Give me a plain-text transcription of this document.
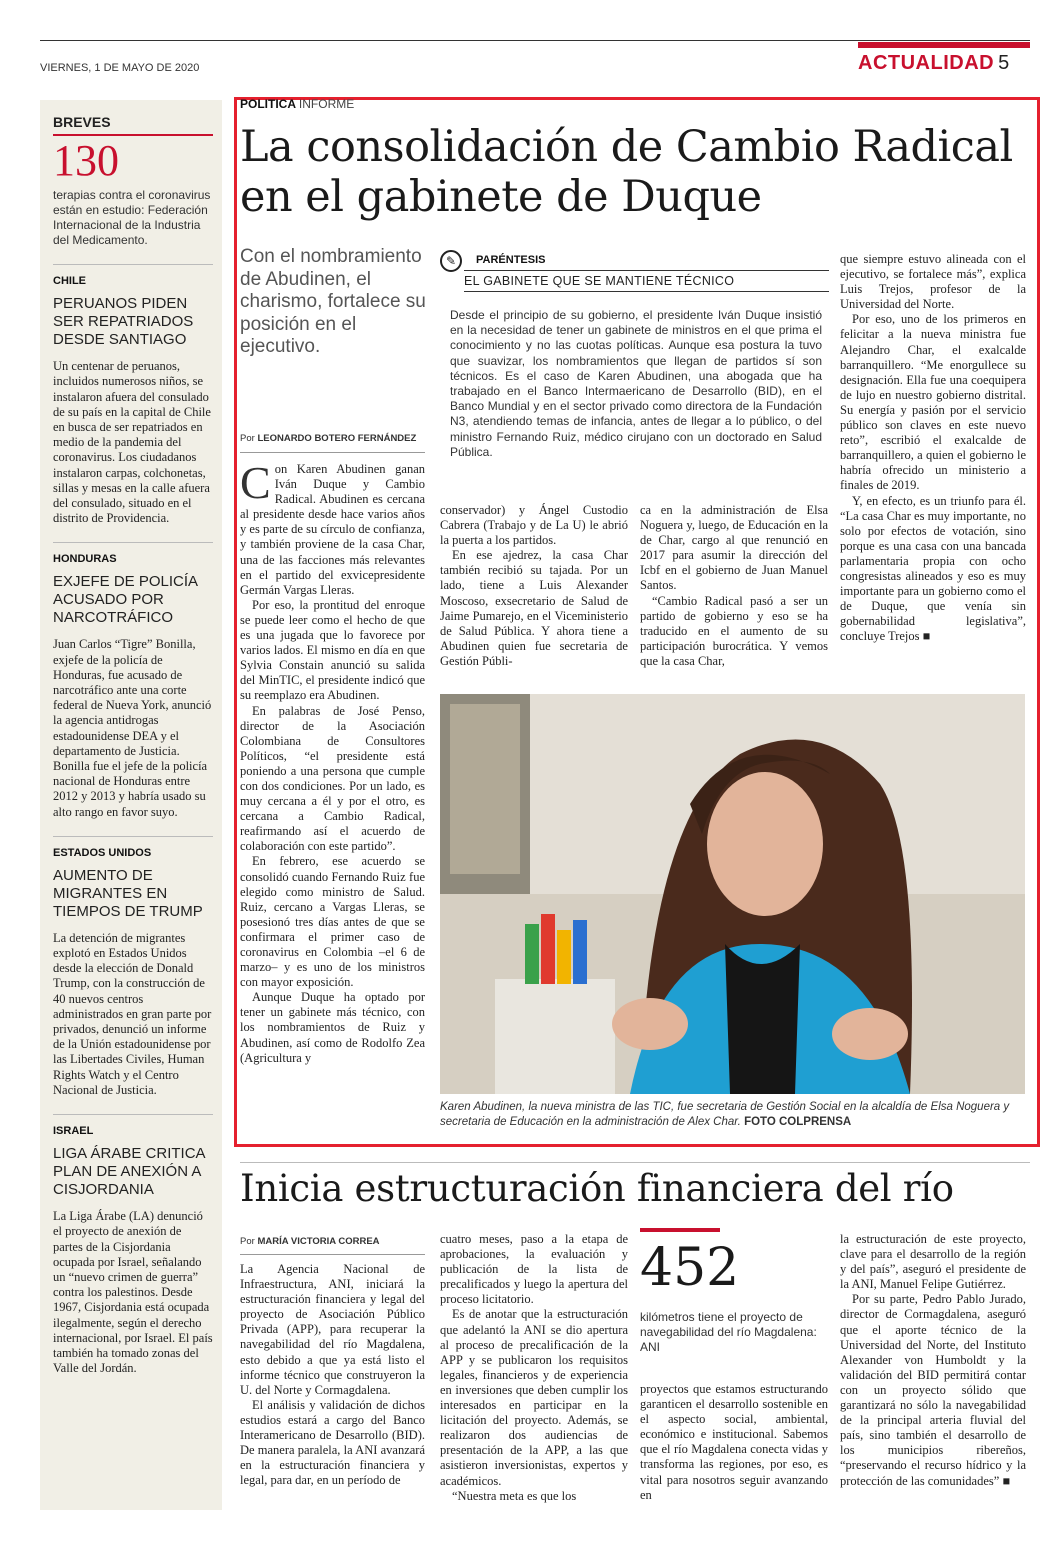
VIERNES, 1 DE MAYO DE 2020	ACTUALIDAD 5
BREVES
130
terapias contra el coronavirus están en estudio: Federación Internacional de la Industria del Medicamento.
CHILE
PERUANOS PIDEN SER REPATRIADOS DESDE SANTIAGO
Un centenar de peruanos, incluidos numerosos niños, se instalaron afuera del consulado de su país en la capital de Chile en busca de ser repatriados en medio de la pandemia del coronavirus. Los ciudadanos instalaron carpas, colchonetas, sillas y mesas en la calle afuera del consulado, situado en el distrito de Providencia.
HONDURAS
EXJEFE DE POLICÍA ACUSADO POR NARCOTRÁFICO
Juan Carlos “Tigre” Bonilla, exjefe de la policía de Honduras, fue acusado de narcotráfico ante una corte federal de Nueva York, anunció la agencia antidrogas estadounidense DEA y el departamento de Justicia. Bonilla fue el jefe de la policía nacional de Honduras entre 2012 y 2013 y habría usado su alto rango en favor suyo.
ESTADOS UNIDOS
AUMENTO DE MIGRANTES EN TIEMPOS DE TRUMP
La detención de migrantes explotó en Estados Unidos desde la elección de Donald Trump, con la construcción de 40 nuevos centros administrados en gran parte por privados, denunció un informe de la Unión estadounidense por las Libertades Civiles, Human Rights Watch y el Centro Nacional de Justicia.
ISRAEL
LIGA ÁRABE CRITICA PLAN DE ANEXIÓN A CISJORDANIA
La Liga Árabe (LA) denunció el proyecto de anexión de partes de la Cisjordania ocupada por Israel, señalando un “nuevo crimen de guerra” contra los palestinos. Desde 1967, Cisjordania está ocupada ilegalmente, según el derecho internacional, por Israel. El país también ha tomado zonas del Valle del Jordán.
POLITICA INFORME
La consolidación de Cambio Radical en el gabinete de Duque
Con el nombramiento de Abudinen, el charismo, fortalece su posición en el ejecutivo.
Por LEONARDO BOTERO FERNÁNDEZ

Con Karen Abudinen ganan Iván Duque y Cambio Radical. Abudinen es cercana al presidente desde hace varios años y es parte de su círculo de confianza, y también proviene de la casa Char, una de las facciones más relevantes en el partido del exvicepresidente Germán Vargas Lleras.

Por eso, la prontitud del enroque se puede leer como el hecho de que es una jugada que lo favorece por varios lados. El mismo en día en que Sylvia Constain anunció su salida del MinTIC, el presidente indicó que su reemplazo era Abudinen.

En palabras de José Penso, director de la Asociación Colombiana de Consultores Políticos, “el presidente está poniendo a una persona que cumple con dos condiciones. Por un lado, es muy cercana a él y por el otro, es cercana a Cambio Radical, reafirmando así el acuerdo de colaboración con este partido”.

En febrero, ese acuerdo se consolidó cuando Fernando Ruiz fue elegido como ministro de Salud. Ruiz, cercano a Vargas Lleras, se posesionó tres días antes de que se confirmara el primer caso de coronavirus en Colombia –el 6 de marzo– y es uno de los ministros con mayor exposición.

Aunque Duque ha optado por tener un gabinete más técnico, con los nombramientos de Ruiz y Abudinen, así como de Rodolfo Zea (Agricultura y

✎	PARÉNTESIS
EL GABINETE QUE SE MANTIENE TÉCNICO
Desde el principio de su gobierno, el presidente Iván Duque insistió en la necesidad de tener un gabinete de ministros en el que prima el conocimiento y no las cuotas políticas. Aunque esa postura la tuvo que suavizar, los nombramientos que llegan de partidos sí son técnicos. Es el caso de Karen Abudinen, una abogada que ha trabajado en el Banco Intermaericano de Desarrollo (BID), en el Banco Mundial y en el sector privado como directora de la Fundación N3, atendiendo temas de infancia, antes de llegar a lo público, o del ministro Fernando Ruiz, médico cirujano con un doctorado en Salud Pública.

conservador) y Ángel Custodio Cabrera (Trabajo y de La U) le abrió la puerta a los partidos.

En ese ajedrez, la casa Char también recibió su tajada. Por un lado, tiene a Luis Alexander Moscoso, exsecretario de Salud de Jaime Pumarejo, en el Viceministerio de Salud Pública. Y ahora tiene a Abudinen quien fue secretaria de Gestión Públi-

ca en la administración de Elsa Noguera y, luego, de Educación en la de Char, cargo al que renunció en 2017 para asumir la dirección del Icbf en el gobierno de Juan Manuel Santos.

“Cambio Radical pasó a ser un partido de gobierno y eso se ha traducido en el aumento de su participación burocrática. Y vemos que la casa Char,

que siempre estuvo alineada con el ejecutivo, se fortalece más”, explica Luis Trejos, profesor de la Universidad del Norte.

Por eso, uno de los primeros en felicitar a la nueva ministra fue Alejandro Char, el exalcalde barranquillero. “Me enorgullece su designación. Ella fue una coequipera de lujo en nuestro gobierno distrital. Su energía y pasión por el servicio público son claves en este nuevo reto”, escribió el exalcalde de barranquillero, a quien el gobierno le habría ofrecido un ministerio a finales de 2019.

Y, en efecto, es un triunfo para él. “La casa Char es muy importante, no solo por efectos de votación, sino porque es una casa con una bancada parlamentaria propia con ocho congresistas alineados y eso es muy importante para un gobierno como el de Duque, que venía sin gobernabilidad legislativa”, concluye Trejos ■

Karen Abudinen, la nueva ministra de las TIC, fue secretaria de Gestión Social en la alcaldía de Elsa Noguera y secretaria de Educación en la administración de Alex Char. FOTO COLPRENSA
Inicia estructuración financiera del río
Por MARÍA VICTORIA CORREA

La Agencia Nacional de Infraestructura, ANI, iniciará la estructuración financiera y legal del proyecto de Asociación Público Privada (APP), para recuperar la navegabilidad del río Magdalena, esto debido a que ya está listo el informe técnico que construyeron la U. del Norte y Cormagdalena.

El análisis y validación de dichos estudios estará a cargo del Banco Interamericano de Desarrollo (BID). De manera paralela, la ANI avanzará en la estructuración financiera y legal, para dar, en un período de

cuatro meses, paso a la etapa de aprobaciones, la evaluación y publicación de la lista de precalificados y luego la apertura del proceso licitatorio.

Es de anotar que la estructuración que adelantó la ANI se dio apertura al proceso de precalificación de la APP y se publicaron los requisitos legales, financieros y de experiencia en inversiones que deben cumplir los interesados en participar en la licitación del proyecto. Además, se realizaron dos audiencias de presentación de la APP, a las que asistieron inversionistas, expertos y académicos.

“Nuestra meta es que los

452
kilómetros tiene el proyecto de navegabilidad del río Magdalena: ANI

proyectos que estamos estructurando garanticen el desarrollo sostenible en el aspecto social, ambiental, económico e institucional. Sabemos que el río Magdalena conecta vidas y transforma las regiones, por eso, es vital para nosotros seguir avanzando en

la estructuración de este proyecto, clave para el desarrollo de la región y del país”, aseguró el presidente de la ANI, Manuel Felipe Gutiérrez.

Por su parte, Pedro Pablo Jurado, director de Cormagdalena, aseguró que el aporte técnico de la Universidad del Norte, del Instituto Alexander von Humboldt y la validación del BID permitirá contar con un proyecto sólido que garantizará no sólo la navegabilidad de la principal arteria fluvial del país, sino también el desarrollo de los municipios ribereños, “preservando el recurso hídrico y la protección de las comunidades” ■
